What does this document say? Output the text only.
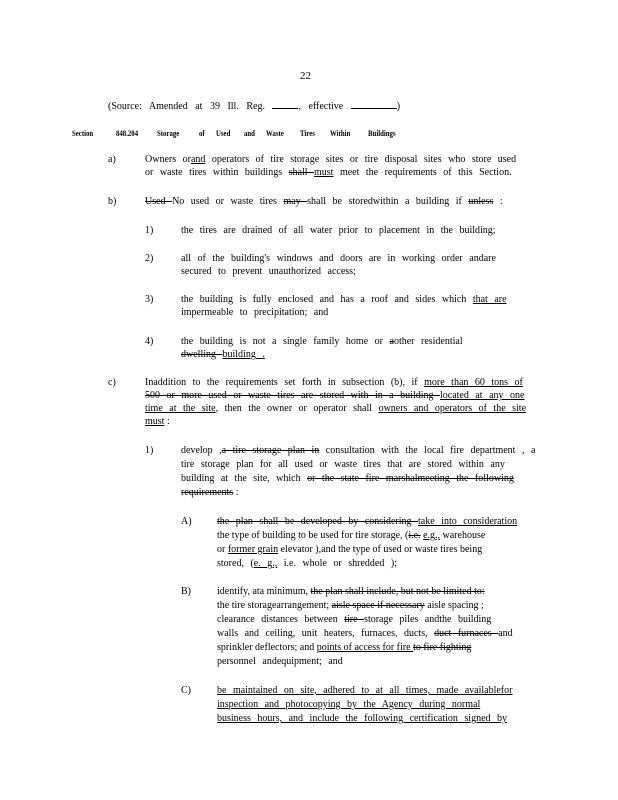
22
(Source: Amended at 39 Ill. Reg.	, effective	)
Section	848.204 Storage of Used and Waste Tires Within Buildings
a)	Owners orand operators of tire storage sites or tire disposal sites who store used
or waste tires within buildings shall must meet the requirements of this Section.
b)	Used No used or waste tires may shall be storedwithin a building if unless :
1)	the tires are drained of all water prior to placement in the building;
2)	all of the building's windows and doors are in working order andare
secured to prevent unauthorized access;
3)	the building is fully enclosed and has a roof and sides which that are
impermeable to precipitation; and
4)	the building is not a single family home or aother residential
dwelling building .
c)	Inaddition to the requirements set forth in subsection (b), if more than 60 tons of
500 or more used or waste tires are stored with in a building located at any one
time at the site, then the owner or operator shall owners and operators of the site
must :
1)	develop ,a tire storage plan in consultation with the local fire department , a
tire storage plan for all used or waste tires that are stored within any
building at the site, which or the state fire marshalmeeting the following
requirements :
A)	the plan shall be developed by considering take into consideration
the type of building to be used for tire storage, (i.e. e.g., warehouse
or former grain elevator ),and the type of used or waste tires being
stored, (e. g., i.e. whole or shredded );
B)	identify, ata minimum, the plan shall include, but not be limited to:
the tire storagearrangement; aisle space if necessary aisle spacing ;
clearance distances between tire storage piles andthe building
walls and ceiling, unit heaters, furnaces, ducts, duct furnaces and
sprinkler deflectors; and points of access for fire to fire fighting
personnel andequipment; and
C)	be maintained on site, adhered to at all times, made availablefor
inspection and photocopying by the Agency during normal
business hours, and include the following certification signed by
